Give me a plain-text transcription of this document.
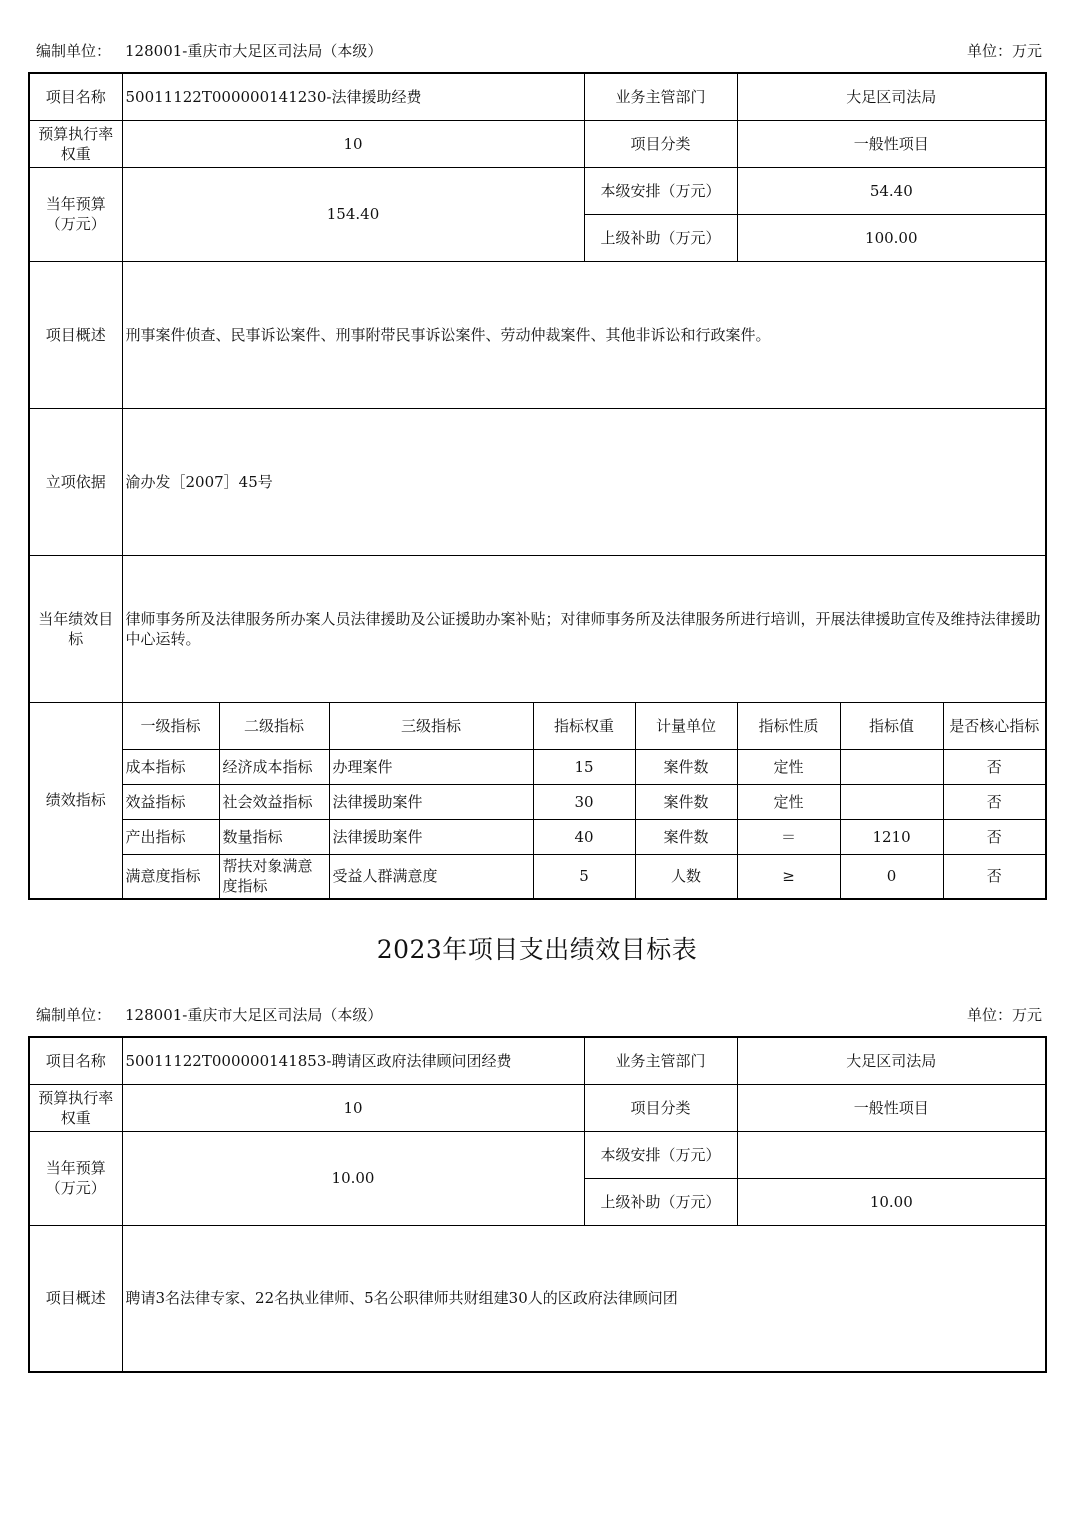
编制单位： 128001-重庆市大足区司法局（本级）	单位：万元
项目名称	50011122T000000141230-法律援助经费				业务主管部门		大足区司法局		
预算执行率权重	10				项目分类		一般性项目		
当年预算（万元）	154.40				本级安排（万元）		54.40		
					上级补助（万元）		100.00		
项目概述	刑事案件侦查、民事诉讼案件、刑事附带民事诉讼案件、劳动仲裁案件、其他非诉讼和行政案件。								
立项依据	渝办发［2007］45号								
当年绩效目标	律师事务所及法律服务所办案人员法律援助及公证援助办案补贴；对律师事务所及法律服务所进行培训，开展法律援助宣传及维持法律援助中心运转。								
绩效指标	一级指标	二级指标	三级指标	指标权重		计量单位	指标性质	指标值	是否核心指标
	成本指标	经济成本指标	办理案件	15		案件数	定性		否
	效益指标	社会效益指标	法律援助案件	30		案件数	定性		否
	产出指标	数量指标	法律援助案件	40		案件数	＝	1210	否
	满意度指标	帮扶对象满意度指标	受益人群满意度	5		人数	≥	0	否
2023年项目支出绩效目标表
编制单位： 128001-重庆市大足区司法局（本级）	单位：万元
项目名称	50011122T000000141853-聘请区政府法律顾问团经费	业务主管部门	大足区司法局
预算执行率权重	10	项目分类	一般性项目
当年预算（万元）	10.00	本级安排（万元）	
		上级补助（万元）	10.00
项目概述	聘请3名法律专家、22名执业律师、5名公职律师共财组建30人的区政府法律顾问团		
